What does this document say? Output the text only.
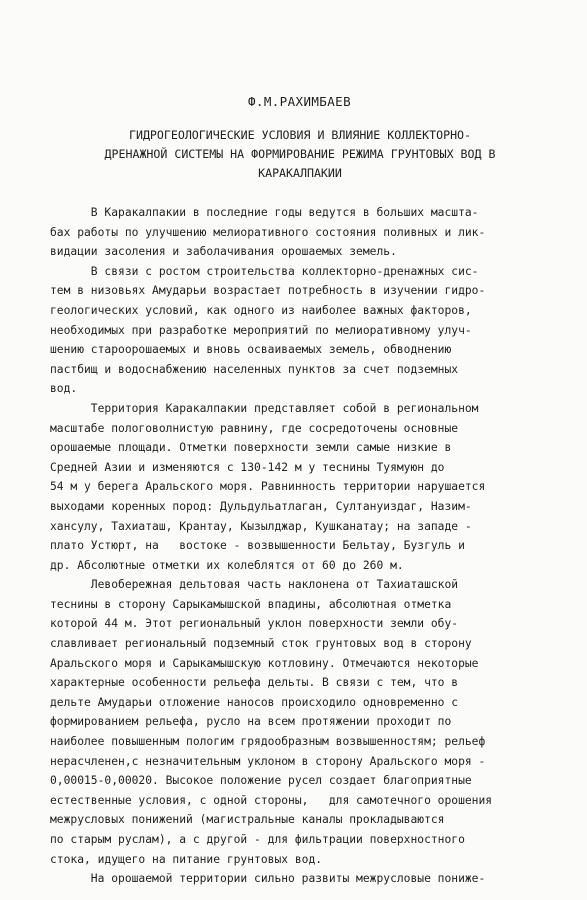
Ф.М.РАХИМБАЕВ
ГИДРОГЕОЛОГИЧЕСКИЕ УСЛОВИЯ И ВЛИЯНИЕ КОЛЛЕКТОРНО-
ДРЕНАЖНОЙ СИСТЕМЫ НА ФОРМИРОВАНИЕ РЕЖИМА ГРУНТОВЫХ ВОД В
КАРАКАЛПАКИИ
В Каракалпакии в последние годы ведутся в больших масшта-
бах работы по улучшению мелиоративного состояния поливных и лик-
видации засоления и заболачивания орошаемых земель.
В связи с ростом строительства коллекторно-дренажных сис-
тем в низовьях Амударьи возрастает потребность в изучении гидро-
геологических условий, как одного из наиболее важных факторов,
необходимых при разработке мероприятий по мелиоративному улуч-
шению староорошаемых и вновь осваиваемых земель, обводнению
пастбищ и водоснабжению населенных пунктов за счет подземных
вод.
Территория Каракалпакии представляет собой в региональном
масштабе пологоволнистую равнину, где сосредоточены основные
орошаемые площади. Отметки поверхности земли самые низкие в
Средней Азии и изменяются с 130-142 м у теснины Туямуюн до
54 м у берега Аральского моря. Равнинность территории нарушается
выходами коренных пород: Дульдульатлаган, Султануиздаг, Назим-
хансулу, Тахиаташ, Крантау, Кызылджар, Кушканатау; на западе -
плато Устюрт, на   востоке - возвышенности Бельтау, Бузгуль и
др. Абсолютные отметки их колеблятся от 60 до 260 м.
Левобережная дельтовая часть наклонена от Тахиаташской
теснины в сторону Сарыкамышской впадины, абсолютная отметка
которой 44 м. Этот региональный уклон поверхности земли обу-
славливает региональный подземный сток грунтовых вод в сторону
Аральского моря и Сарыкамышскую котловину. Отмечаются некоторые
характерные особенности рельефа дельты. В связи с тем, что в
дельте Амударьи отложение наносов происходило одновременно с
формированием рельефа, русло на всем протяжении проходит по
наиболее повышенным пологим грядообразным возвышенностям; рельеф
нерасчленен,с незначительным уклоном в сторону Аральского моря -
0,00015-0,00020. Высокое положение русел создает благоприятные
естественные условия, с одной стороны,   для самотечного орошения
межрусловых понижений (магистральные каналы прокладываются
по старым руслам), а с другой - для фильтрации поверхностного
стока, идущего на питание грунтовых вод.
На орошаемой территории сильно развиты межрусловые пониже-
